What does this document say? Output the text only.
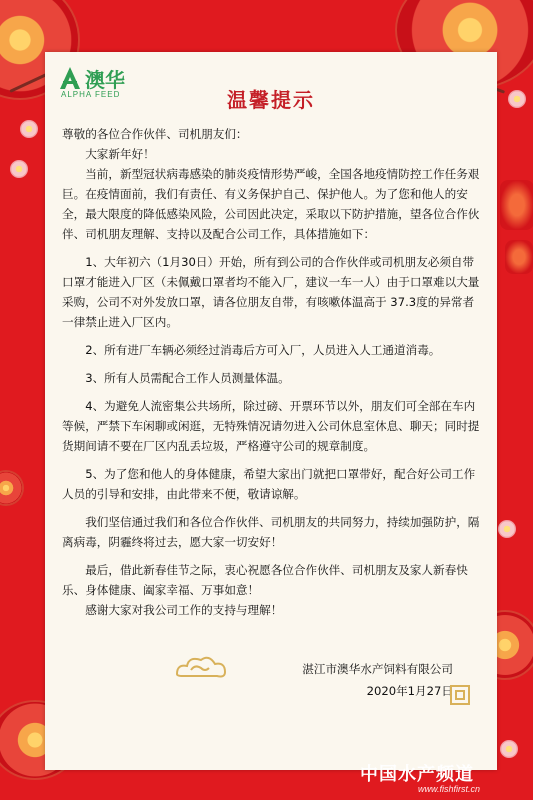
澳华
ALPHA FEED	温馨提示

尊敬的各位合作伙伴、司机朋友们：

大家新年好！

当前，新型冠状病毒感染的肺炎疫情形势严峻，全国各地疫情防控工作任务艰巨。在疫情面前，我们有责任、有义务保护自己、保护他人。为了您和他人的安全，最大限度的降低感染风险，公司因此决定，采取以下防护措施，望各位合作伙伴、司机朋友理解、支持以及配合公司工作，具体措施如下：

1、大年初六（1月30日）开始，所有到公司的合作伙伴或司机朋友必须自带口罩才能进入厂区（未佩戴口罩者均不能入厂，建议一车一人）由于口罩难以大量采购，公司不对外发放口罩，请各位朋友自带，有咳嗽体温高于 37.3度的异常者一律禁止进入厂区内。

2、所有进厂车辆必须经过消毒后方可入厂，人员进入人工通道消毒。

3、所有人员需配合工作人员测量体温。

4、为避免人流密集公共场所，除过磅、开票环节以外，朋友们可全部在车内等候，严禁下车闲聊或闲逛，无特殊情况请勿进入公司休息室休息、聊天；同时提货期间请不要在厂区内乱丢垃圾，严格遵守公司的规章制度。

5、为了您和他人的身体健康，希望大家出门就把口罩带好，配合好公司工作人员的引导和安排，由此带来不便，敬请谅解。

我们坚信通过我们和各位合作伙伴、司机朋友的共同努力，持续加强防护，隔离病毒，阴霾终将过去，愿大家一切安好！

最后，借此新春佳节之际，衷心祝愿各位合作伙伴、司机朋友及家人新春快乐、身体健康、阖家幸福、万事如意！

感谢大家对我公司工作的支持与理解！

湛江市澳华水产饲料有限公司
2020年1月27日
中国水产频道
www.fishfirst.cn
